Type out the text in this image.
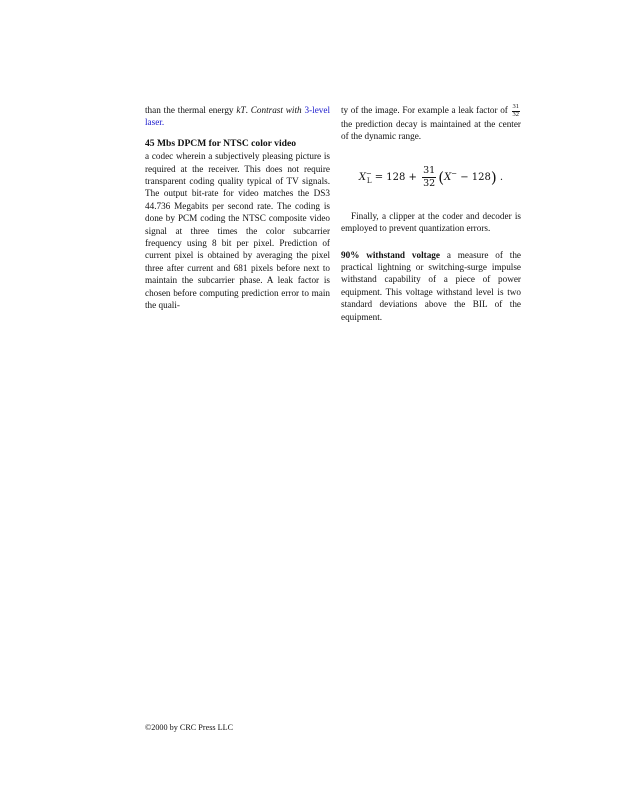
than the thermal energy kT. Contrast with 3-level laser.

45 Mbs DPCM for NTSC color video

a codec wherein a subjectively pleasing picture is required at the receiver. This does not require transparent coding quality typical of TV signals. The output bit-rate for video matches the DS3 44.736 Megabits per second rate. The coding is done by PCM coding the NTSC composite video signal at three times the color subcarrier frequency using 8 bit per pixel. Prediction of current pixel is obtained by averaging the pixel three after current and 681 pixels before next to maintain the subcarrier phase. A leak factor is chosen before computing prediction error to main the quali-

ty of the image. For example a leak factor of $\frac{31}{32}$
the prediction decay is maintained at the center of the dynamic range.

$X^-_L = 128 + \frac{31}{32} (X^- - 128)$ .

Finally, a clipper at the coder and decoder is employed to prevent quantization errors.

90% withstand voltage a measure of the practical lightning or switching-surge impulse withstand capability of a piece of power equipment. This voltage withstand level is two standard deviations above the BIL of the equipment.

©2000 by CRC Press LLC
